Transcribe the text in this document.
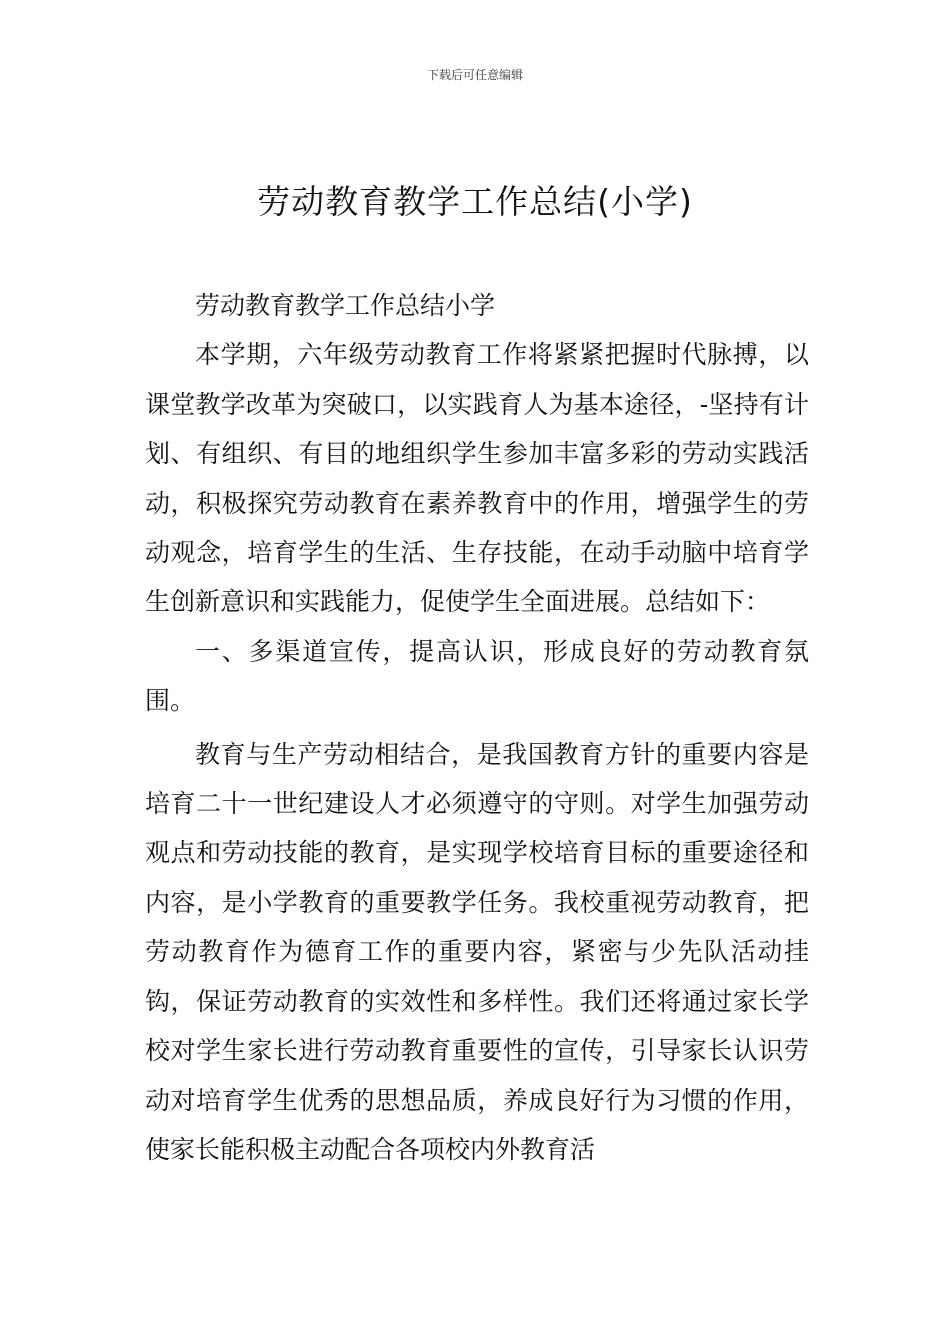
下载后可任意编辑
劳动教育教学工作总结(小学)

劳动教育教学工作总结小学

本学期，六年级劳动教育工作将紧紧把握时代脉搏，以课堂教学改革为突破口，以实践育人为基本途径，-坚持有计划、有组织、有目的地组织学生参加丰富多彩的劳动实践活动，积极探究劳动教育在素养教育中的作用，增强学生的劳动观念，培育学生的生活、生存技能，在动手动脑中培育学生创新意识和实践能力，促使学生全面进展。总结如下：

一、多渠道宣传，提高认识，形成良好的劳动教育氛围。

教育与生产劳动相结合，是我国教育方针的重要内容是培育二十一世纪建设人才必须遵守的守则。对学生加强劳动观点和劳动技能的教育，是实现学校培育目标的重要途径和内容，是小学教育的重要教学任务。我校重视劳动教育，把劳动教育作为德育工作的重要内容，紧密与少先队活动挂钩，保证劳动教育的实效性和多样性。我们还将通过家长学校对学生家长进行劳动教育重要性的宣传，引导家长认识劳动对培育学生优秀的思想品质，养成良好行为习惯的作用，使家长能积极主动配合各项校内外教育活
